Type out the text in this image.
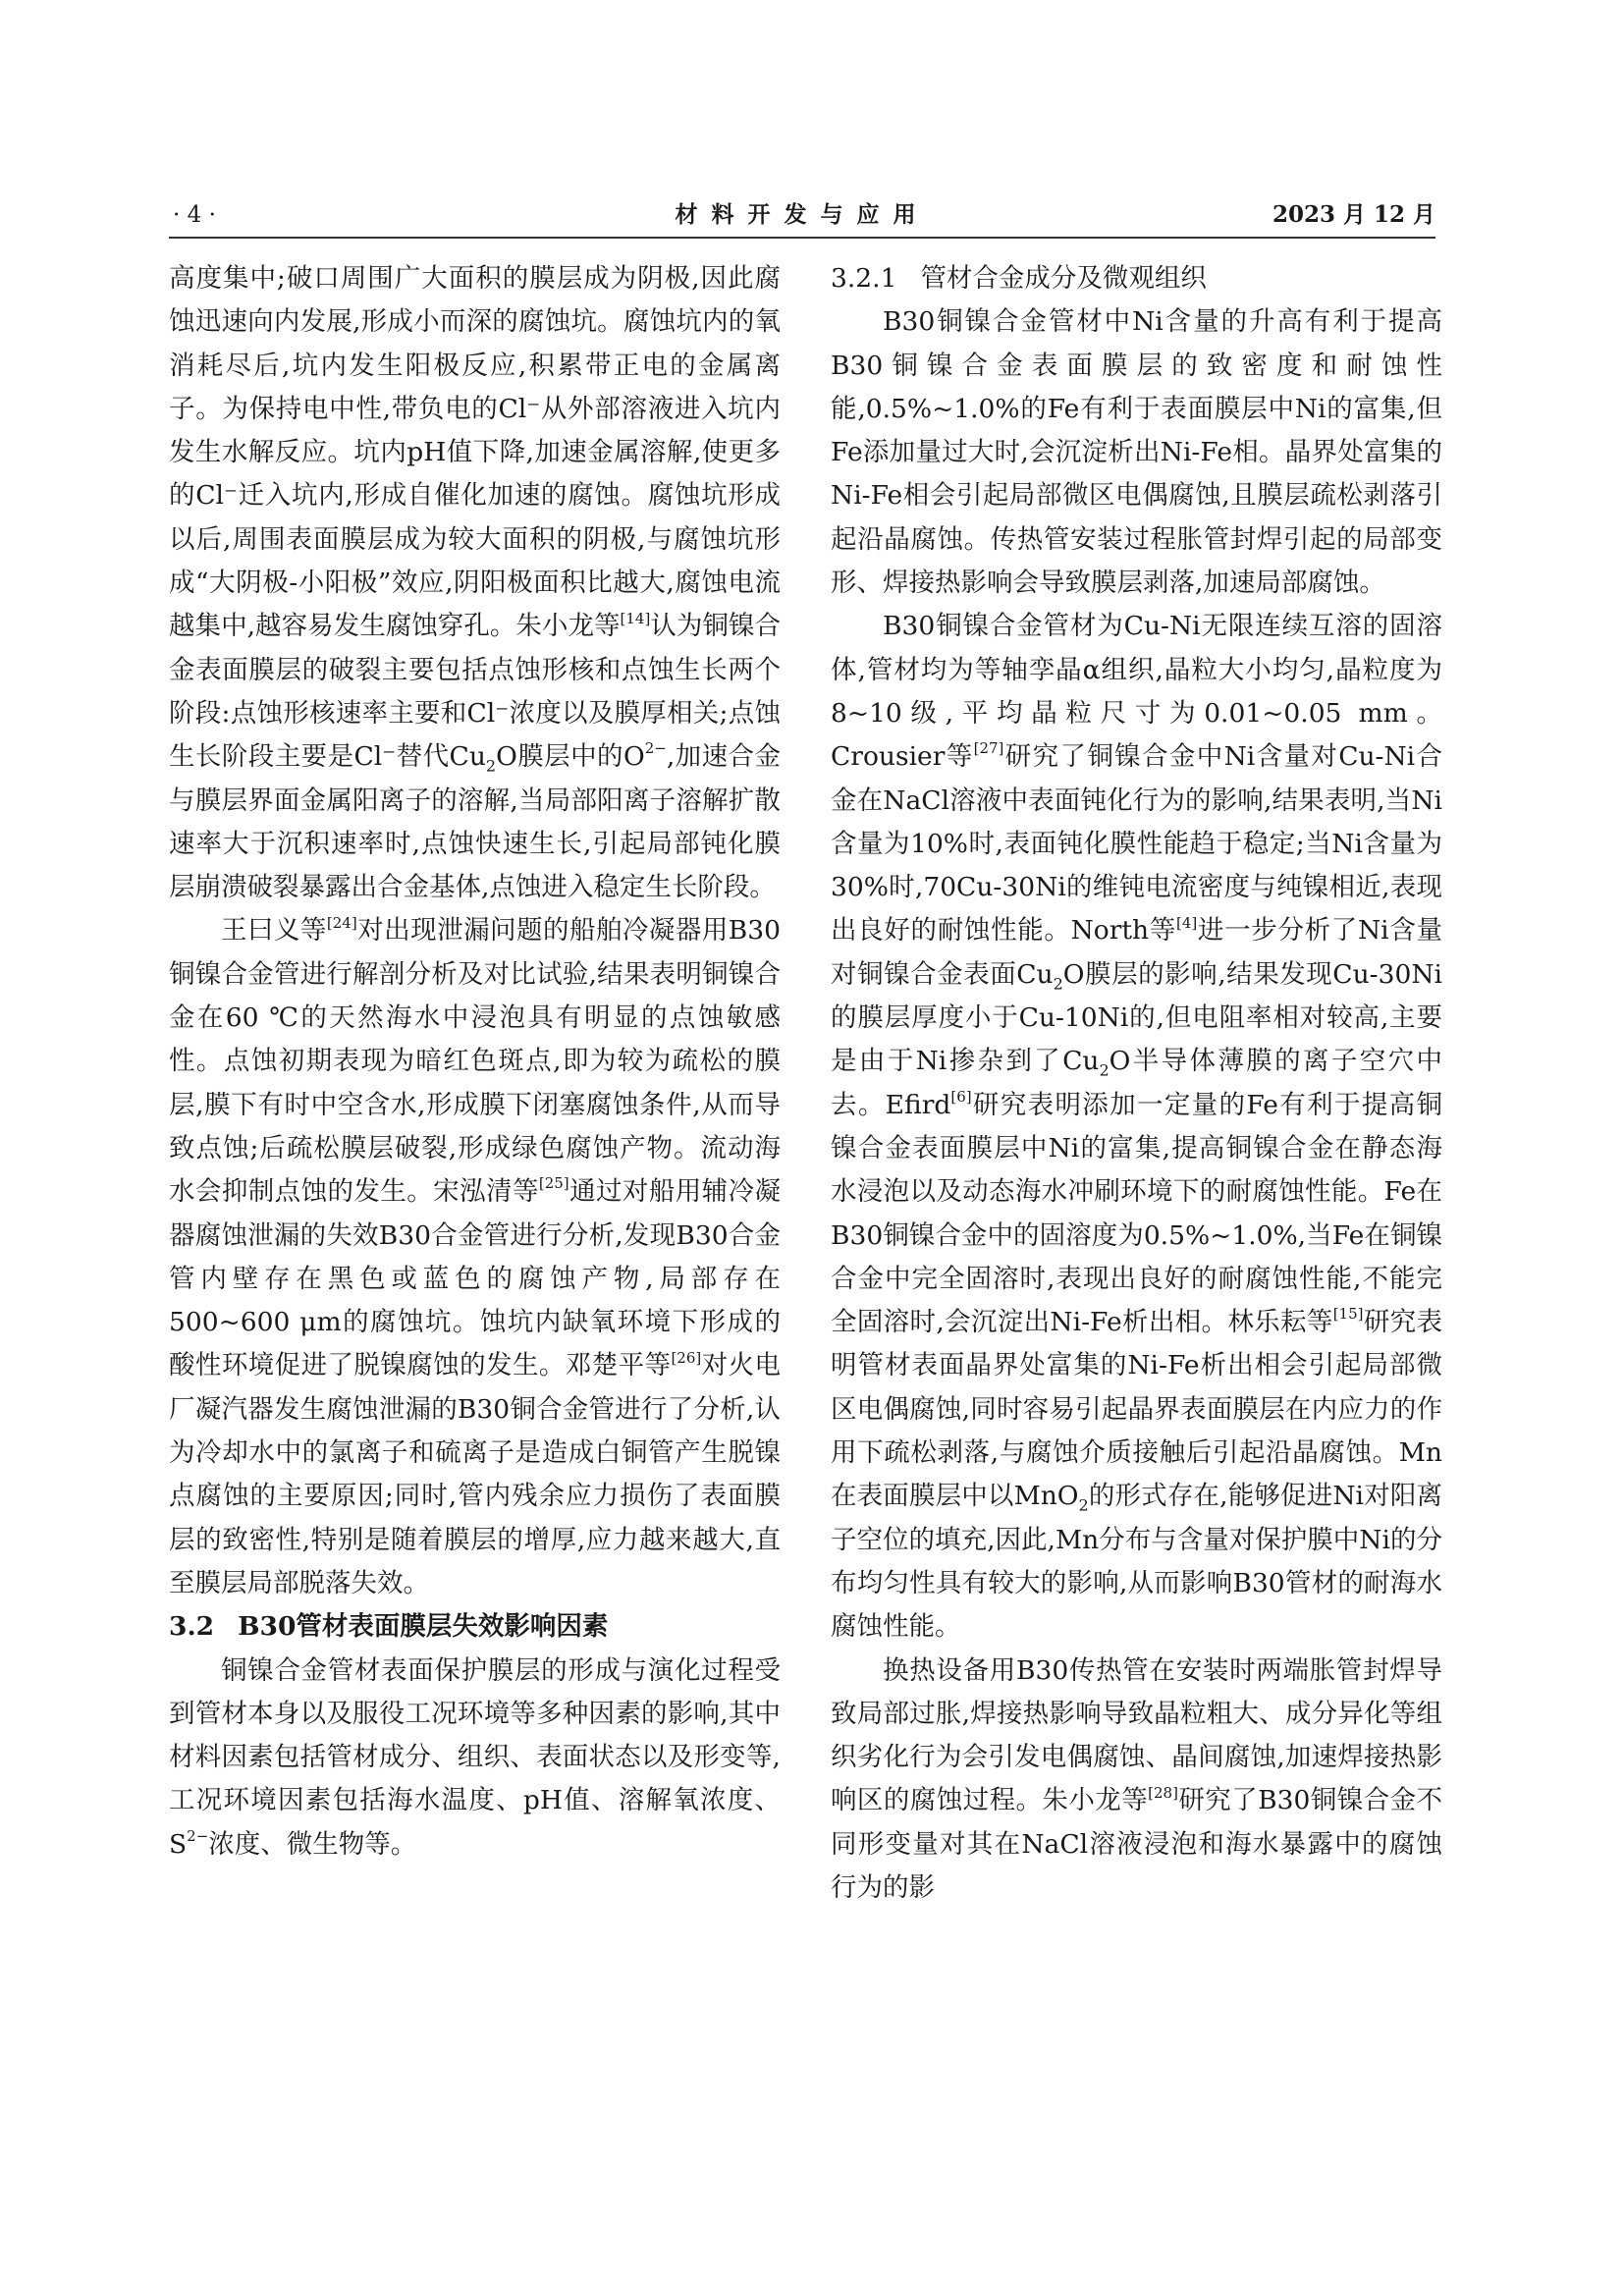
· 4 ·	材料开发与应用	2023 月 12 月

高度集中;破口周围广大面积的膜层成为阴极,因此腐蚀迅速向内发展,形成小而深的腐蚀坑。腐蚀坑内的氧消耗尽后,坑内发生阳极反应,积累带正电的金属离子。为保持电中性,带负电的Cl⁻从外部溶液进入坑内发生水解反应。坑内pH值下降,加速金属溶解,使更多的Cl⁻迁入坑内,形成自催化加速的腐蚀。腐蚀坑形成以后,周围表面膜层成为较大面积的阴极,与腐蚀坑形成“大阴极-小阳极”效应,阴阳极面积比越大,腐蚀电流越集中,越容易发生腐蚀穿孔。朱小龙等[14]认为铜镍合金表面膜层的破裂主要包括点蚀形核和点蚀生长两个阶段:点蚀形核速率主要和Cl⁻浓度以及膜厚相关;点蚀生长阶段主要是Cl⁻替代$Cu_2O$膜层中的$O^{2-}$,加速合金与膜层界面金属阳离子的溶解,当局部阳离子溶解扩散速率大于沉积速率时,点蚀快速生长,引起局部钝化膜层崩溃破裂暴露出合金基体,点蚀进入稳定生长阶段。

王曰义等[24]对出现泄漏问题的船舶冷凝器用B30铜镍合金管进行解剖分析及对比试验,结果表明铜镍合金在60 ℃的天然海水中浸泡具有明显的点蚀敏感性。点蚀初期表现为暗红色斑点,即为较为疏松的膜层,膜下有时中空含水,形成膜下闭塞腐蚀条件,从而导致点蚀;后疏松膜层破裂,形成绿色腐蚀产物。流动海水会抑制点蚀的发生。宋泓清等[25]通过对船用辅冷凝器腐蚀泄漏的失效B30合金管进行分析,发现B30合金管内壁存在黑色或蓝色的腐蚀产物,局部存在500~600 μm的腐蚀坑。蚀坑内缺氧环境下形成的酸性环境促进了脱镍腐蚀的发生。邓楚平等[26]对火电厂凝汽器发生腐蚀泄漏的B30铜合金管进行了分析,认为冷却水中的氯离子和硫离子是造成白铜管产生脱镍点腐蚀的主要原因;同时,管内残余应力损伤了表面膜层的致密性,特别是随着膜层的增厚,应力越来越大,直至膜层局部脱落失效。

3.2 B30管材表面膜层失效影响因素

铜镍合金管材表面保护膜层的形成与演化过程受到管材本身以及服役工况环境等多种因素的影响,其中材料因素包括管材成分、组织、表面状态以及形变等,工况环境因素包括海水温度、pH值、溶解氧浓度、$S^{2-}$浓度、微生物等。

3.2.1 管材合金成分及微观组织

B30铜镍合金管材中Ni含量的升高有利于提高B30铜镍合金表面膜层的致密度和耐蚀性能,0.5%~1.0%的Fe有利于表面膜层中Ni的富集,但Fe添加量过大时,会沉淀析出Ni-Fe相。晶界处富集的Ni-Fe相会引起局部微区电偶腐蚀,且膜层疏松剥落引起沿晶腐蚀。传热管安装过程胀管封焊引起的局部变形、焊接热影响会导致膜层剥落,加速局部腐蚀。

B30铜镍合金管材为Cu-Ni无限连续互溶的固溶体,管材均为等轴孪晶α组织,晶粒大小均匀,晶粒度为8~10级,平均晶粒尺寸为0.01~0.05 mm。Crousier等[27]研究了铜镍合金中Ni含量对Cu-Ni合金在NaCl溶液中表面钝化行为的影响,结果表明,当Ni含量为10%时,表面钝化膜性能趋于稳定;当Ni含量为30%时,70Cu-30Ni的维钝电流密度与纯镍相近,表现出良好的耐蚀性能。North等[4]进一步分析了Ni含量对铜镍合金表面$Cu_2O$膜层的影响,结果发现Cu-30Ni的膜层厚度小于Cu-10Ni的,但电阻率相对较高,主要是由于Ni掺杂到了$Cu_2O$半导体薄膜的离子空穴中去。Efird[6]研究表明添加一定量的Fe有利于提高铜镍合金表面膜层中Ni的富集,提高铜镍合金在静态海水浸泡以及动态海水冲刷环境下的耐腐蚀性能。Fe在B30铜镍合金中的固溶度为0.5%~1.0%,当Fe在铜镍合金中完全固溶时,表现出良好的耐腐蚀性能,不能完全固溶时,会沉淀出Ni-Fe析出相。林乐耘等[15]研究表明管材表面晶界处富集的Ni-Fe析出相会引起局部微区电偶腐蚀,同时容易引起晶界表面膜层在内应力的作用下疏松剥落,与腐蚀介质接触后引起沿晶腐蚀。Mn在表面膜层中以MnO$_2$的形式存在,能够促进Ni对阳离子空位的填充,因此,Mn分布与含量对保护膜中Ni的分布均匀性具有较大的影响,从而影响B30管材的耐海水腐蚀性能。

换热设备用B30传热管在安装时两端胀管封焊导致局部过胀,焊接热影响导致晶粒粗大、成分异化等组织劣化行为会引发电偶腐蚀、晶间腐蚀,加速焊接热影响区的腐蚀过程。朱小龙等[28]研究了B30铜镍合金不同形变量对其在NaCl溶液浸泡和海水暴露中的腐蚀行为的影
